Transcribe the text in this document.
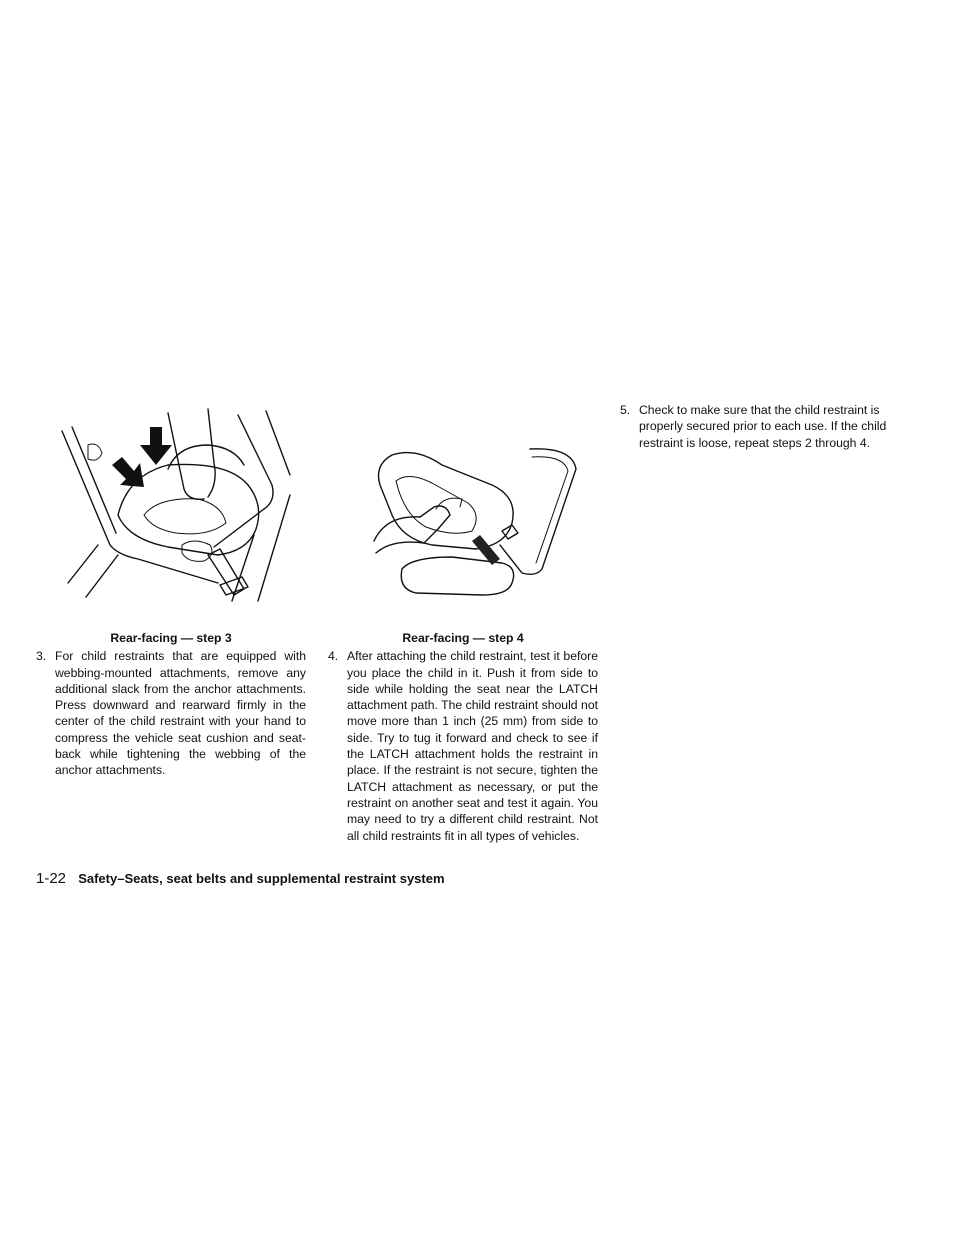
Rear-facing — step 3

3. For child restraints that are equipped with webbing-mounted attachments, remove any additional slack from the anchor attachments. Press downward and rearward firmly in the center of the child restraint with your hand to compress the vehicle seat cushion and seat-back while tightening the webbing of the anchor attachments.

Rear-facing — step 4

4. After attaching the child restraint, test it before you place the child in it. Push it from side to side while holding the seat near the LATCH attachment path. The child restraint should not move more than 1 inch (25 mm) from side to side. Try to tug it forward and check to see if the LATCH attachment holds the restraint in place. If the restraint is not secure, tighten the LATCH attachment as necessary, or put the restraint on another seat and test it again. You may need to try a different child restraint. Not all child restraints fit in all types of vehicles.
5. Check to make sure that the child restraint is properly secured prior to each use. If the child restraint is loose, repeat steps 2 through 4.
1-22 Safety–Seats, seat belts and supplemental restraint system
